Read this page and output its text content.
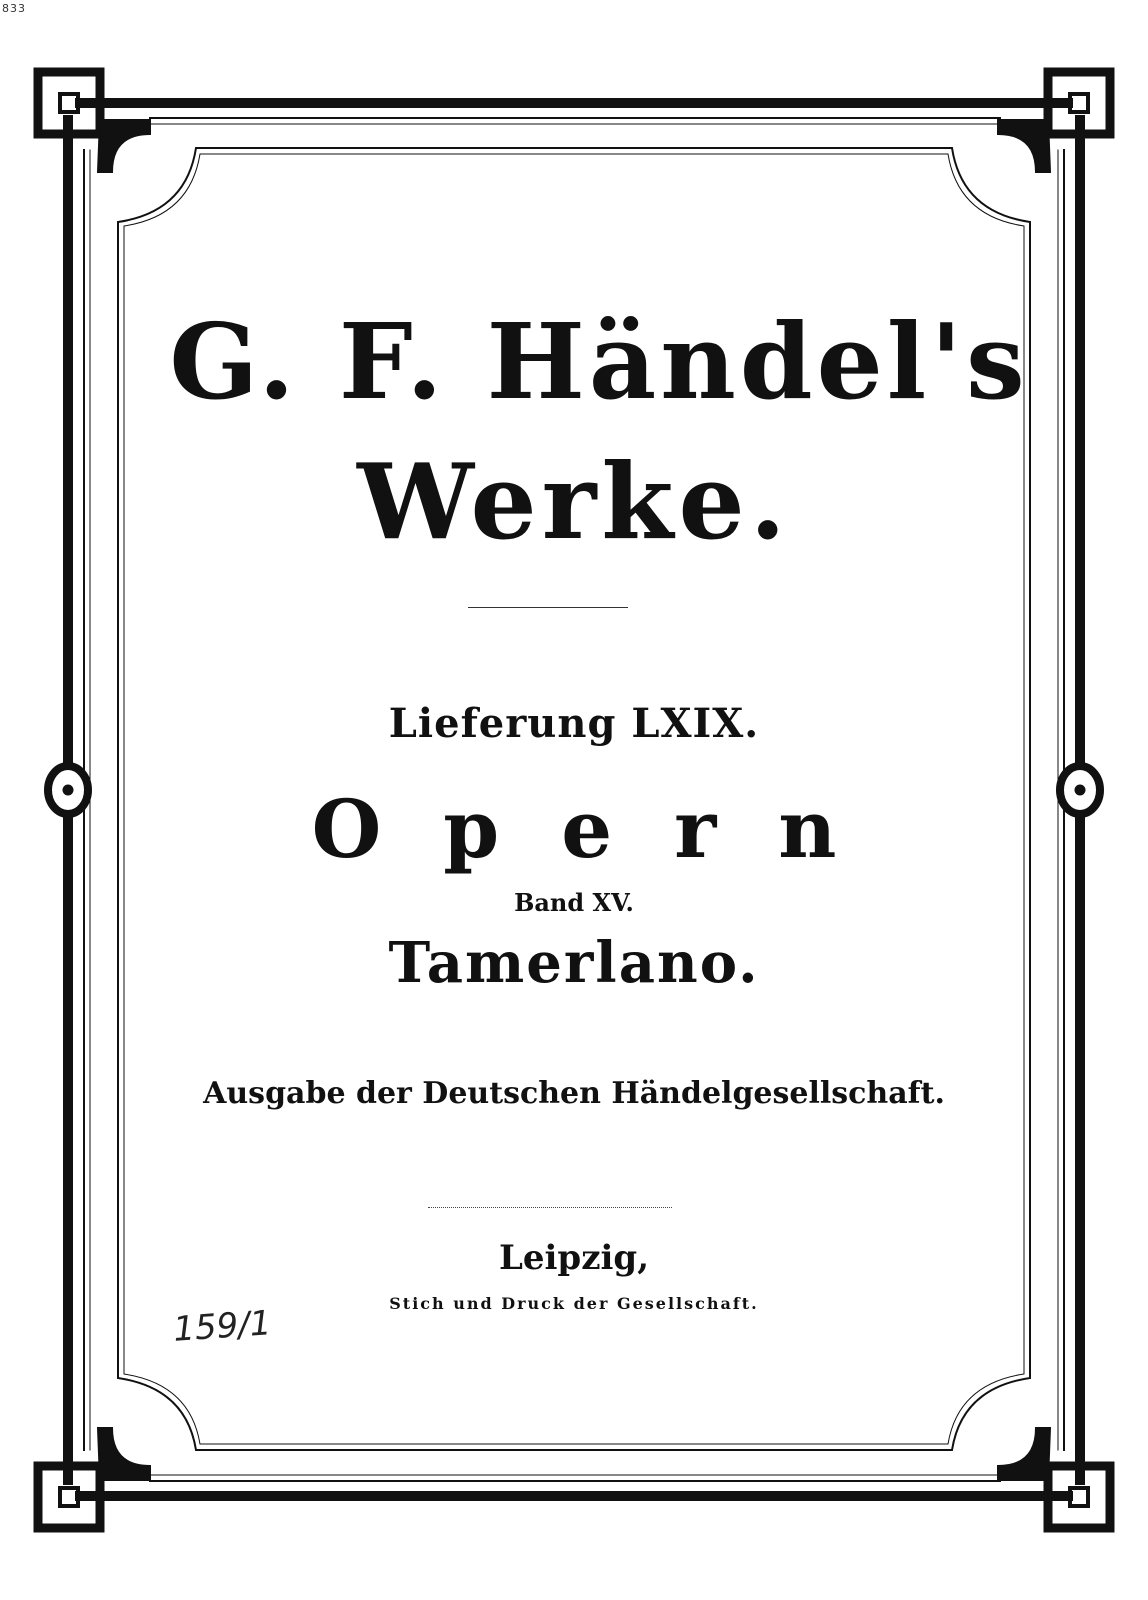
833
G. F. Händel's
Werke.
Lieferung LXIX.
Opern
Band XV.
Tamerlano.
Ausgabe der Deutschen Händelgesellschaft.
Leipzig,
Stich und Druck der Gesellschaft.
159/1
